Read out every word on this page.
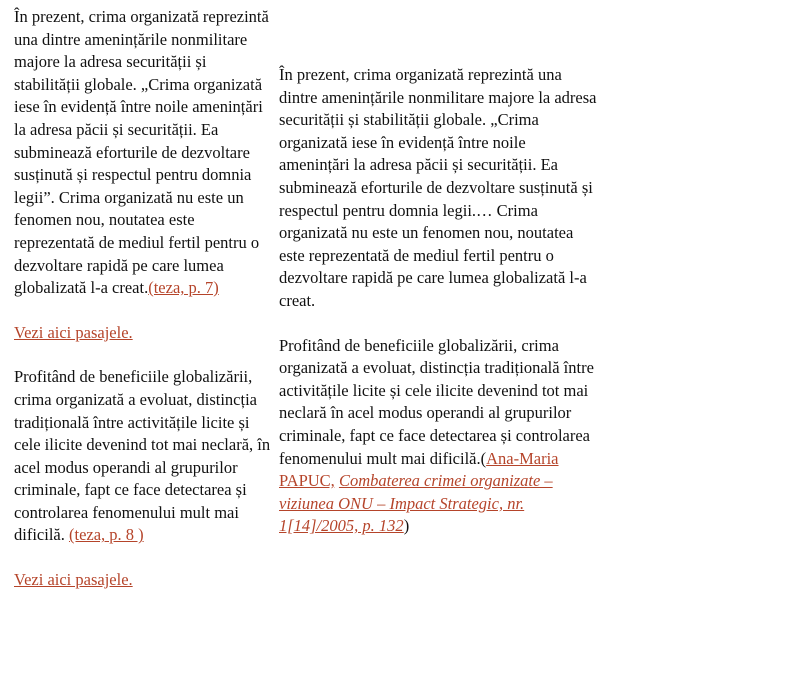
În prezent, crima organizată reprezintă una dintre amenințările nonmilitare majore la adresa securității și stabilității globale. „Crima organizată iese în evidență între noile amenințări la adresa păcii și securității. Ea subminează eforturile de dezvoltare susținută și respectul pentru domnia legii”. Crima organizată nu este un fenomen nou, noutatea este reprezentată de mediul fertil pentru o dezvoltare rapidă pe care lumea globalizată l-a creat.(teza, p. 7)

Vezi aici pasajele.

Profitând de beneficiile globalizării, crima organizată a evoluat, distincția tradițională între activitățile licite și cele ilicite devenind tot mai neclară, în acel modus operandi al grupurilor criminale, fapt ce face detectarea și controlarea fenomenului mult mai dificilă. (teza, p. 8 )

Vezi aici pasajele.

În prezent, crima organizată reprezintă una dintre amenințările nonmilitare majore la adresa securității și stabilității globale. „Crima organizată iese în evidență între noile amenințări la adresa păcii și securității. Ea subminează eforturile de dezvoltare susținută și respectul pentru domnia legii.… Crima organizată nu este un fenomen nou, noutatea este reprezentată de mediul fertil pentru o dezvoltare rapidă pe care lumea globalizată l-a creat.

Profitând de beneficiile globalizării, crima organizată a evoluat, distincția tradițională între activitățile licite și cele ilicite devenind tot mai neclară în acel modus operandi al grupurilor criminale, fapt ce face detectarea și controlarea fenomenului mult mai dificilă.(Ana-Maria PAPUC, Combaterea crimei organizate – viziunea ONU – Impact Strategic, nr. 1[14]/2005, p. 132)
